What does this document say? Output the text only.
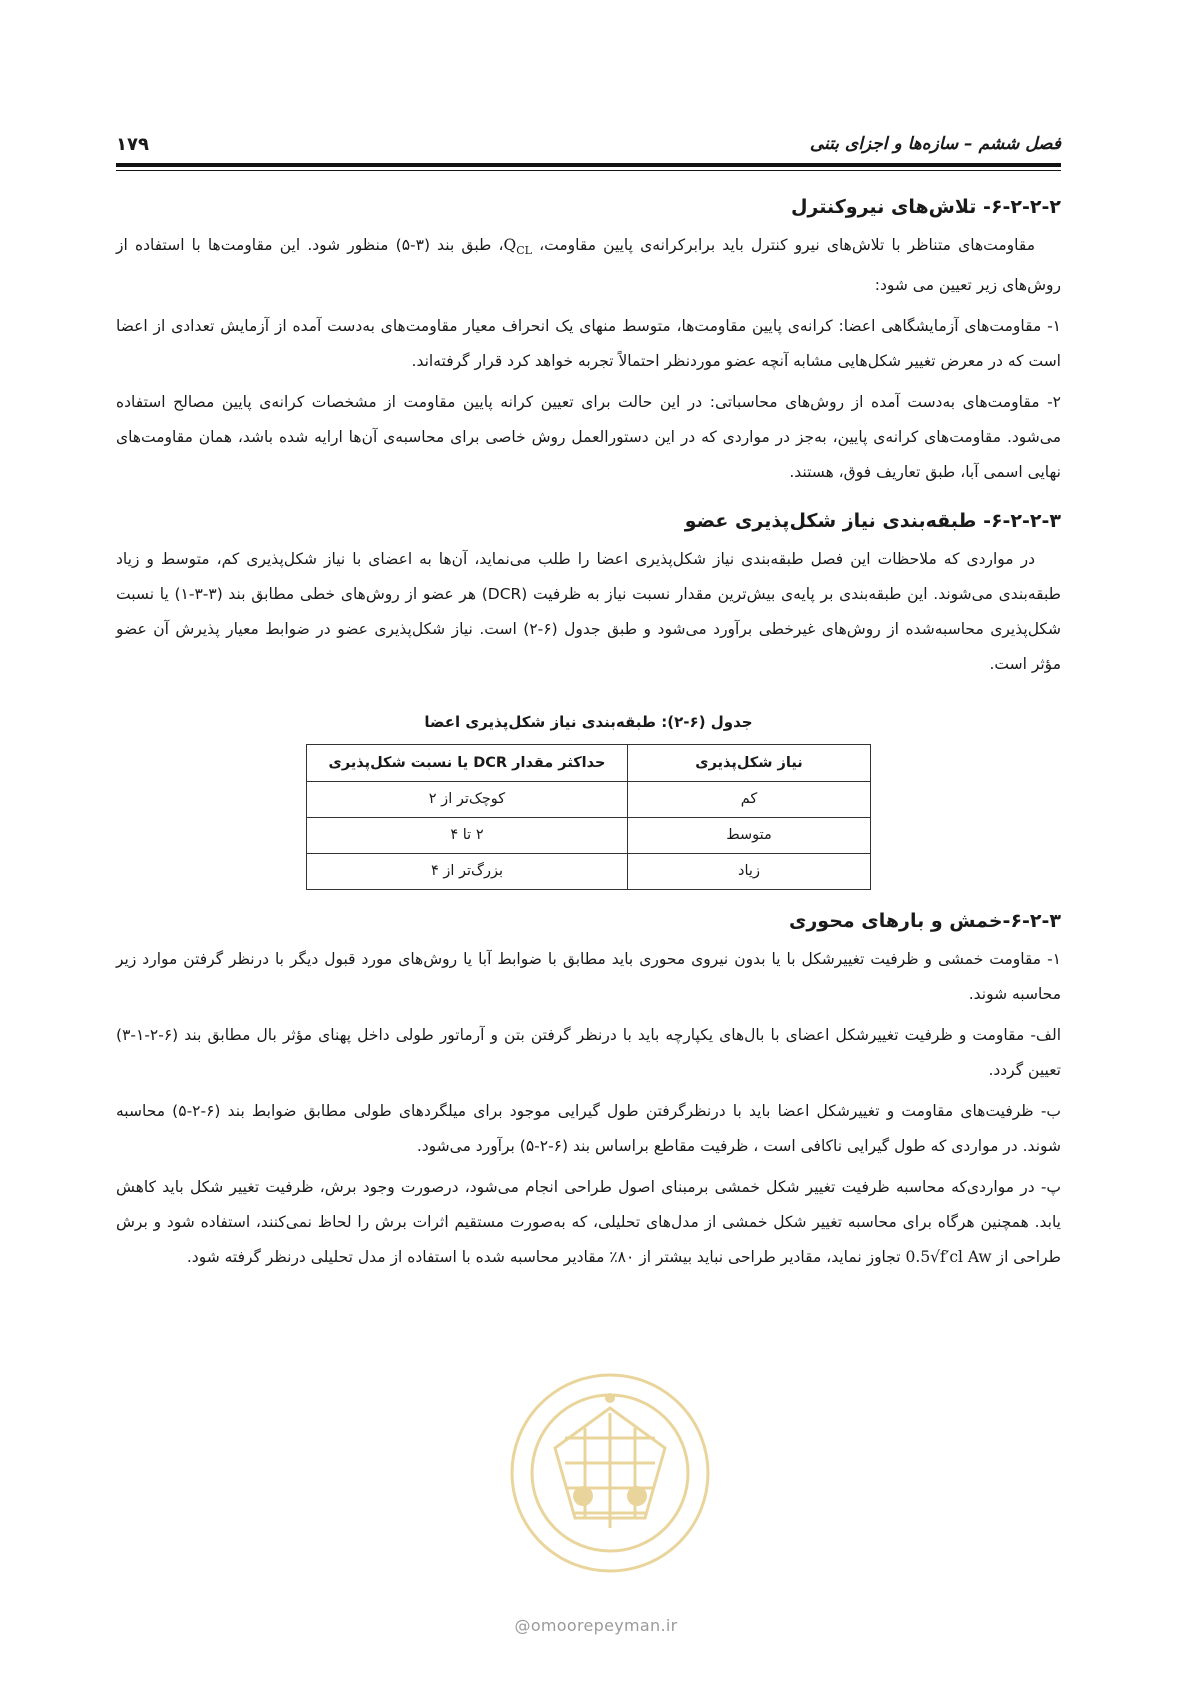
فصل ششم – سازه‌ها و اجزای بتنی
۱۷۹
۶-۲-۲-۲- تلاش‌های نیروکنترل

مقاومت‌های متناظر با تلاش‌های نیرو کنترل باید برابرکرانه‌ی پایین مقاومت، $Q_{CL}،$ طبق بند (۳-۵) منظور شود. این مقاومت‌ها با استفاده از روش‌های زیر تعیین می شود:

۱- مقاومت‌های آزمایشگاهی اعضا: کرانه‌ی پایین مقاومت‌ها، متوسط منهای یک انحراف معیار مقاومت‌های به‌دست آمده از آزمایش تعدادی از اعضا است که در معرض تغییر شکل‌هایی مشابه آنچه عضو موردنظر احتمالاً تجربه خواهد کرد قرار گرفته‌اند.

۲- مقاومت‌های به‌دست آمده از روش‌های محاسباتی: در این حالت برای تعیین کرانه پایین مقاومت از مشخصات کرانه‌ی پایین مصالح استفاده می‌شود. مقاومت‌های کرانه‌ی پایین، به‌جز در مواردی که در این دستورالعمل روش خاصی برای محاسبه‌ی آن‌ها ارایه شده باشد، همان مقاومت‌های نهایی اسمی آبا، طبق تعاریف فوق، هستند.

۶-۲-۲-۳- طبقه‌بندی نیاز شکل‌پذیری عضو

در مواردی که ملاحظات این فصل طبقه‌بندی نیاز شکل‌پذیری اعضا را طلب می‌نماید، آن‌ها به اعضای با نیاز شکل‌پذیری کم، متوسط و زیاد طبقه‌بندی می‌شوند. این طبقه‌بندی بر پایه‌ی بیش‌ترین مقدار نسبت نیاز به ظرفیت (DCR) هر عضو از روش‌های خطی مطابق بند (۳-۳-۱) یا نسبت شکل‌پذیری محاسبه‌شده از روش‌های غیرخطی برآورد می‌شود و طبق جدول (۶-۲) است. نیاز شکل‌پذیری عضو در ضوابط معیار پذیرش آن عضو مؤثر است.

جدول (۶-۲): طبقه‌بندی نیاز شکل‌پذیری اعضا
نیاز شکل‌پذیری	حداکثر مقدار DCR یا نسبت شکل‌پذیری
کم	کوچک‌تر از ۲
متوسط	۲ تا ۴
زیاد	بزرگ‌تر از ۴
۶-۲-۳-خمش و بارهای محوری

۱- مقاومت خمشی و ظرفیت تغییرشکل با یا بدون نیروی محوری باید مطابق با ضوابط آبا یا روش‌های مورد قبول دیگر با درنظر گرفتن موارد زیر محاسبه شوند.

الف- مقاومت و ظرفیت تغییرشکل اعضای با بال‌های یکپارچه باید با درنظر گرفتن بتن و آرماتور طولی داخل پهنای مؤثر بال مطابق بند (۶-۲-۱-۳) تعیین گردد.

ب- ظرفیت‌های مقاومت و تغییرشکل اعضا باید با درنظرگرفتن طول گیرایی موجود برای میلگردهای طولی مطابق ضوابط بند (۶-۲-۵) محاسبه شوند. در مواردی که طول گیرایی ناکافی است ، ظرفیت مقاطع براساس بند (۶-۲-۵) برآورد می‌شود.

پ- در مواردی‌که محاسبه ظرفیت تغییر شکل خمشی برمبنای اصول طراحی انجام می‌شود، درصورت وجود برش، ظرفیت تغییر شکل باید کاهش یابد. همچنین هرگاه برای محاسبه تغییر شکل خمشی از مدل‌های تحلیلی، که به‌صورت مستقیم اثرات برش را لحاظ نمی‌کنند، استفاده شود و برش طراحی از 0.5√f′cl Aw تجاوز نماید، مقادیر طراحی نباید بیشتر از ۸۰٪ مقادیر محاسبه شده با استفاده از مدل تحلیلی درنظر گرفته شود.

@omoorepeyman.ir
